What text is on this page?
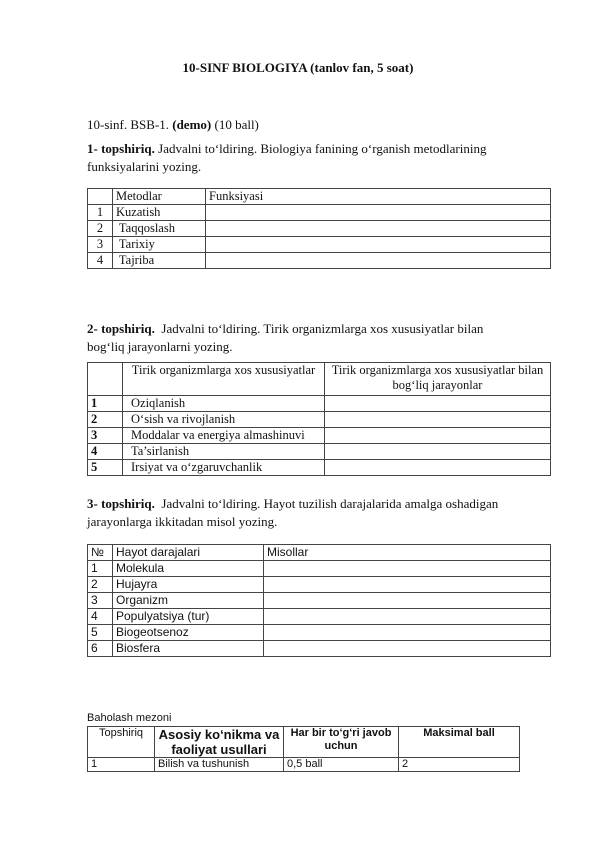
10-SINF BIOLOGIYA (tanlov fan, 5 soat)
10-sinf. BSB-1. (demo) (10 ball)
1- topshiriq. Jadvalni to‘ldiring. Biologiya fanining o‘rganish metodlarining
funksiyalarini yozing.
	Metodlar	Funksiyasi
1	Kuzatish	
2	Taqqoslash	
3	Tarixiy	
4	Tajriba	
2- topshiriq.  Jadvalni to‘ldiring. Tirik organizmlarga xos xususiyatlar bilan
bog‘liq jarayonlarni yozing.
	Tirik organizmlarga xos xususiyatlar	Tirik organizmlarga xos xususiyatlar bilan bog‘liq jarayonlar
1	Oziqlanish	
2	O‘sish va rivojlanish	
3	Moddalar va energiya almashinuvi	
4	Ta’sirlanish	
5	Irsiyat va o‘zgaruvchanlik	
3- topshiriq.  Jadvalni to‘ldiring. Hayot tuzilish darajalarida amalga oshadigan
jarayonlarga ikkitadan misol yozing.
№	Hayot darajalari	Misollar
1	Molekula	
2	Hujayra	
3	Organizm	
4	Populyatsiya (tur)	
5	Biogeotsenoz	
6	Biosfera	
Baholash mezoni
Topshiriq	Asosiy ko‘nikma va faoliyat usullari	Har bir to‘g‘ri javob uchun	Maksimal ball
1	Bilish va tushunish	0,5 ball	2
